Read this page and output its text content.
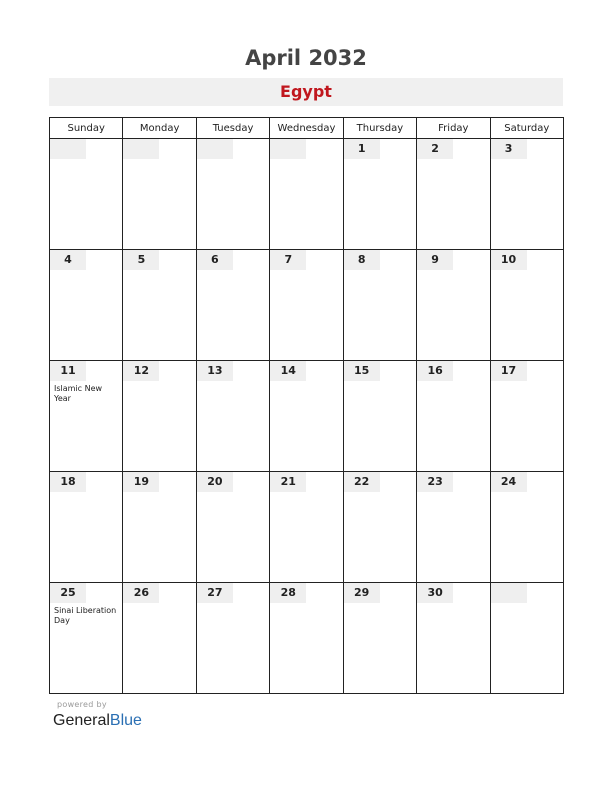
April 2032
Egypt
Sunday	Monday	Tuesday	Wednesday	Thursday	Friday	Saturday

				1	2	3

4	5	6	7	8	9	10

11
Islamic New Year	12	13	14	15	16	17

18	19	20	21	22	23	24

25
Sinai Liberation Day	26	27	28	29	30	

powered by
GeneralBlue
